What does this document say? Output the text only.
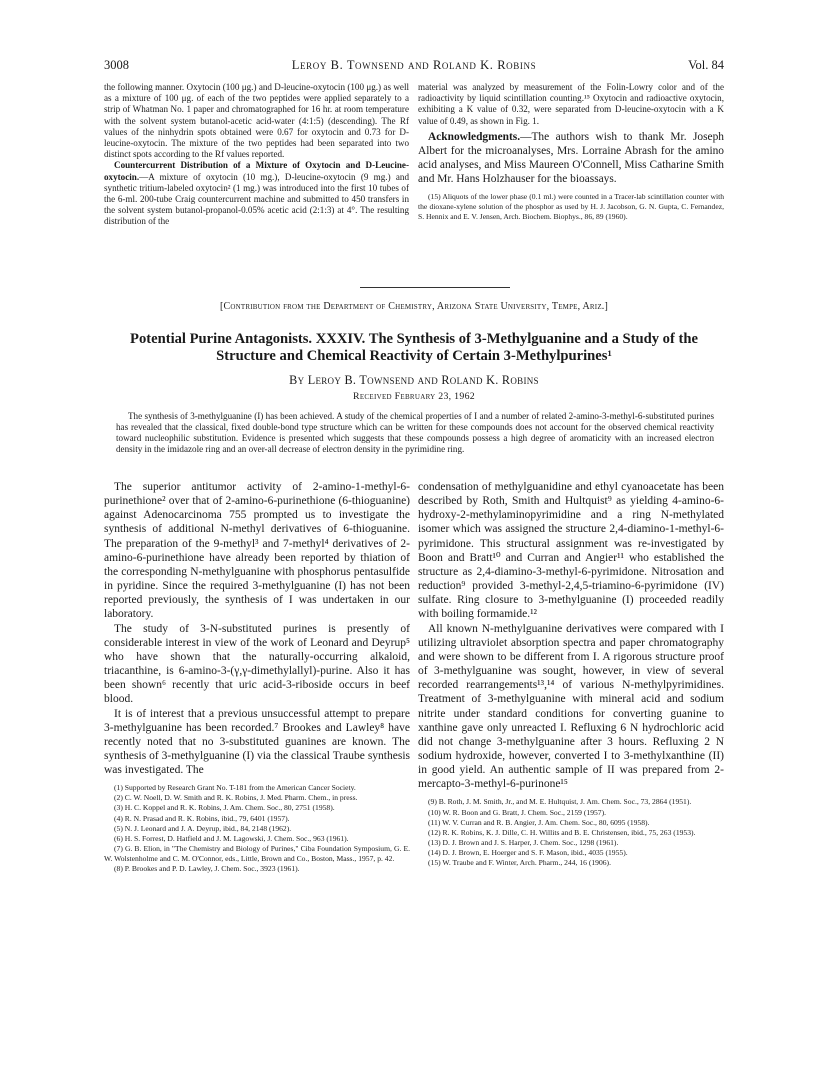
3008	Leroy B. Townsend and Roland K. Robins	Vol. 84

the following manner. Oxytocin (100 μg.) and D-leucine-oxytocin (100 μg.) as well as a mixture of 100 μg. of each of the two peptides were applied separately to a strip of Whatman No. 1 paper and chromatographed for 16 hr. at room temperature with the solvent system butanol-acetic acid-water (4:1:5) (descending). The Rf values of the ninhydrin spots obtained were 0.67 for oxytocin and 0.73 for D-leucine-oxytocin. The mixture of the two peptides had been separated into two distinct spots according to the Rf values reported.

Countercurrent Distribution of a Mixture of Oxytocin and D-Leucine-oxytocin.—A mixture of oxytocin (10 mg.), D-leucine-oxytocin (9 mg.) and synthetic tritium-labeled oxytocin² (1 mg.) was introduced into the first 10 tubes of the 6-ml. 200-tube Craig countercurrent machine and submitted to 450 transfers in the solvent system butanol-propanol-0.05% acetic acid (2:1:3) at 4°. The resulting distribution of the

material was analyzed by measurement of the Folin-Lowry color and of the radioactivity by liquid scintillation counting.¹⁵ Oxytocin and radioactive oxytocin, exhibiting a K value of 0.32, were separated from D-leucine-oxytocin with a K value of 0.49, as shown in Fig. 1.

Acknowledgments.—The authors wish to thank Mr. Joseph Albert for the microanalyses, Mrs. Lorraine Abrash for the amino acid analyses, and Miss Maureen O'Connell, Miss Catharine Smith and Mr. Hans Holzhauser for the bioassays.

(15) Aliquots of the lower phase (0.1 ml.) were counted in a Tracer-lab scintillation counter with the dioxane-xylene solution of the phosphor as used by H. J. Jacobson, G. N. Gupta, C. Fernandez, S. Hennix and E. V. Jensen, Arch. Biochem. Biophys., 86, 89 (1960).

[Contribution from the Department of Chemistry, Arizona State University, Tempe, Ariz.]
Potential Purine Antagonists. XXXIV. The Synthesis of 3-Methylguanine and a Study of the Structure and Chemical Reactivity of Certain 3-Methylpurines¹
By Leroy B. Townsend and Roland K. Robins
Received February 23, 1962
The synthesis of 3-methylguanine (I) has been achieved. A study of the chemical properties of I and a number of related 2-amino-3-methyl-6-substituted purines has revealed that the classical, fixed double-bond type structure which can be written for these compounds does not account for the observed chemical reactivity toward nucleophilic substitution. Evidence is presented which suggests that these compounds possess a high degree of aromaticity with an increased electron density in the imidazole ring and an over-all decrease of electron density in the pyrimidine ring.

The superior antitumor activity of 2-amino-1-methyl-6-purinethione² over that of 2-amino-6-purinethione (6-thioguanine) against Adenocarcinoma 755 prompted us to investigate the synthesis of additional N-methyl derivatives of 6-thioguanine. The preparation of the 9-methyl³ and 7-methyl⁴ derivatives of 2-amino-6-purinethione have already been reported by thiation of the corresponding N-methylguanine with phosphorus pentasulfide in pyridine. Since the required 3-methylguanine (I) has not been reported previously, the synthesis of I was undertaken in our laboratory.

The study of 3-N-substituted purines is presently of considerable interest in view of the work of Leonard and Deyrup⁵ who have shown that the naturally-occurring alkaloid, triacanthine, is 6-amino-3-(γ,γ-dimethylallyl)-purine. Also it has been shown⁶ recently that uric acid-3-riboside occurs in beef blood.

It is of interest that a previous unsuccessful attempt to prepare 3-methylguanine has been recorded.⁷ Brookes and Lawley⁸ have recently noted that no 3-substituted guanines are known. The synthesis of 3-methylguanine (I) via the classical Traube synthesis was investigated. The

(1) Supported by Research Grant No. T-181 from the American Cancer Society.
(2) C. W. Noell, D. W. Smith and R. K. Robins, J. Med. Pharm. Chem., in press.
(3) H. C. Koppel and R. K. Robins, J. Am. Chem. Soc., 80, 2751 (1958).
(4) R. N. Prasad and R. K. Robins, ibid., 79, 6401 (1957).
(5) N. J. Leonard and J. A. Deyrup, ibid., 84, 2148 (1962).
(6) H. S. Forrest, D. Hatfield and J. M. Lagowski, J. Chem. Soc., 963 (1961).
(7) G. B. Elion, in "The Chemistry and Biology of Purines," Ciba Foundation Symposium, G. E. W. Wolstenholme and C. M. O'Connor, eds., Little, Brown and Co., Boston, Mass., 1957, p. 42.
(8) P. Brookes and P. D. Lawley, J. Chem. Soc., 3923 (1961).

condensation of methylguanidine and ethyl cyanoacetate has been described by Roth, Smith and Hultquist⁹ as yielding 4-amino-6-hydroxy-2-methylaminopyrimidine and a ring N-methylated isomer which was assigned the structure 2,4-diamino-1-methyl-6-pyrimidone. This structural assignment was re-investigated by Boon and Bratt¹⁰ and Curran and Angier¹¹ who established the structure as 2,4-diamino-3-methyl-6-pyrimidone. Nitrosation and reduction⁹ provided 3-methyl-2,4,5-triamino-6-pyrimidone (IV) sulfate. Ring closure to 3-methylguanine (I) proceeded readily with boiling formamide.¹²

All known N-methylguanine derivatives were compared with I utilizing ultraviolet absorption spectra and paper chromatography and were shown to be different from I. A rigorous structure proof of 3-methylguanine was sought, however, in view of several recorded rearrangements¹³,¹⁴ of various N-methylpyrimidines. Treatment of 3-methylguanine with mineral acid and sodium nitrite under standard conditions for converting guanine to xanthine gave only unreacted I. Refluxing 6 N hydrochloric acid did not change 3-methylguanine after 3 hours. Refluxing 2 N sodium hydroxide, however, converted I to 3-methylxanthine (II) in good yield. An authentic sample of II was prepared from 2-mercapto-3-methyl-6-purinone¹⁵

(9) B. Roth, J. M. Smith, Jr., and M. E. Hultquist, J. Am. Chem. Soc., 73, 2864 (1951).
(10) W. R. Boon and G. Bratt, J. Chem. Soc., 2159 (1957).
(11) W. V. Curran and R. B. Angier, J. Am. Chem. Soc., 80, 6095 (1958).
(12) R. K. Robins, K. J. Dille, C. H. Willits and B. E. Christensen, ibid., 75, 263 (1953).
(13) D. J. Brown and J. S. Harper, J. Chem. Soc., 1298 (1961).
(14) D. J. Brown, E. Hoerger and S. F. Mason, ibid., 4035 (1955).
(15) W. Traube and F. Winter, Arch. Pharm., 244, 16 (1906).
